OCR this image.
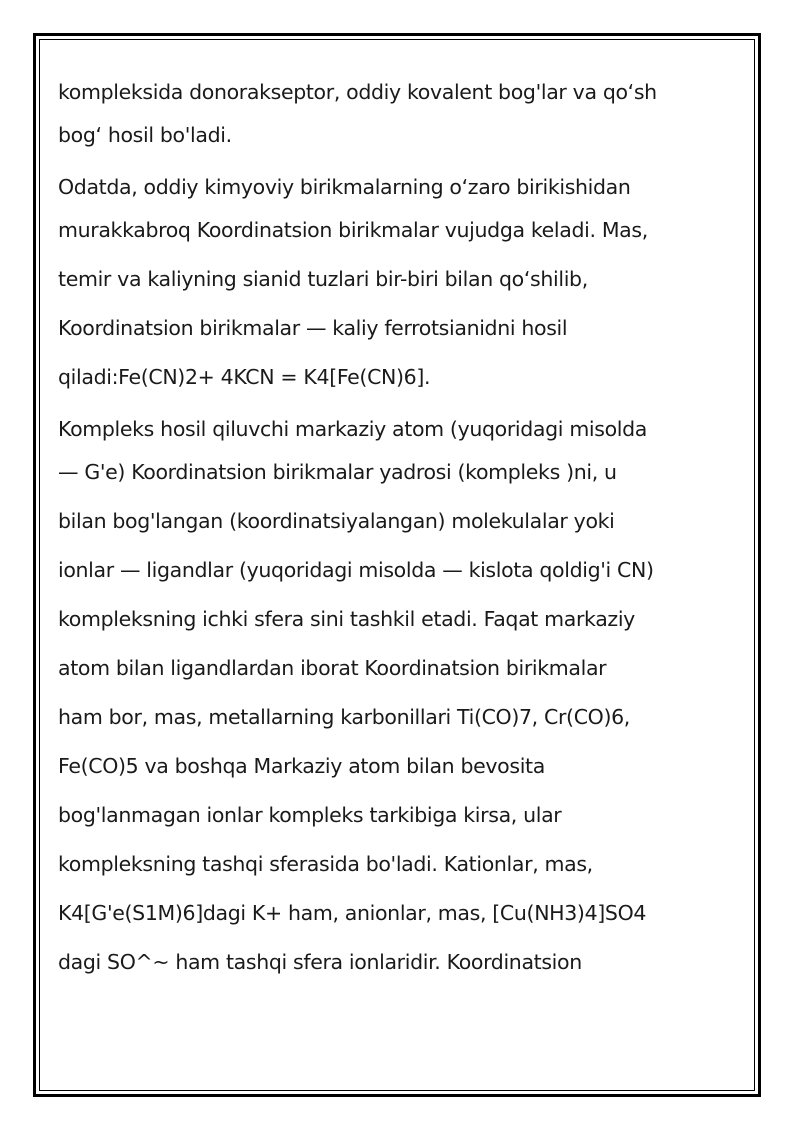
kompleksida donorakseptor, oddiy kovalent bog'lar va qo‘sh
bog‘ hosil bo'ladi.
Odatda, oddiy kimyoviy birikmalarning o‘zaro birikishidan
murakkabroq Koordinatsion birikmalar vujudga keladi. Mas,
temir va kaliyning sianid tuzlari bir-biri bilan qo‘shilib,
Koordinatsion birikmalar — kaliy ferrotsianidni hosil
qiladi:Fe(CN)2+ 4KCN = K4[Fe(CN)6].
Kompleks hosil qiluvchi markaziy atom (yuqoridagi misolda
— G'e) Koordinatsion birikmalar yadrosi (kompleks )ni, u
bilan bog'langan (koordinatsiyalangan) molekulalar yoki
ionlar — ligandlar (yuqoridagi misolda — kislota qoldig'i CN)
kompleksning ichki sfera sini tashkil etadi. Faqat markaziy
atom bilan ligandlardan iborat Koordinatsion birikmalar
ham bor, mas, metallarning karbonillari Ti(CO)7, Cr(CO)6,
Fe(CO)5 va boshqa Markaziy atom bilan bevosita
bog'lanmagan ionlar kompleks tarkibiga kirsa, ular
kompleksning tashqi sferasida bo'ladi. Kationlar, mas,
K4[G'e(S1M)6]dagi K+ ham, anionlar, mas, [Cu(NH3)4]SO4
dagi SO^~ ham tashqi sfera ionlaridir. Koordinatsion
